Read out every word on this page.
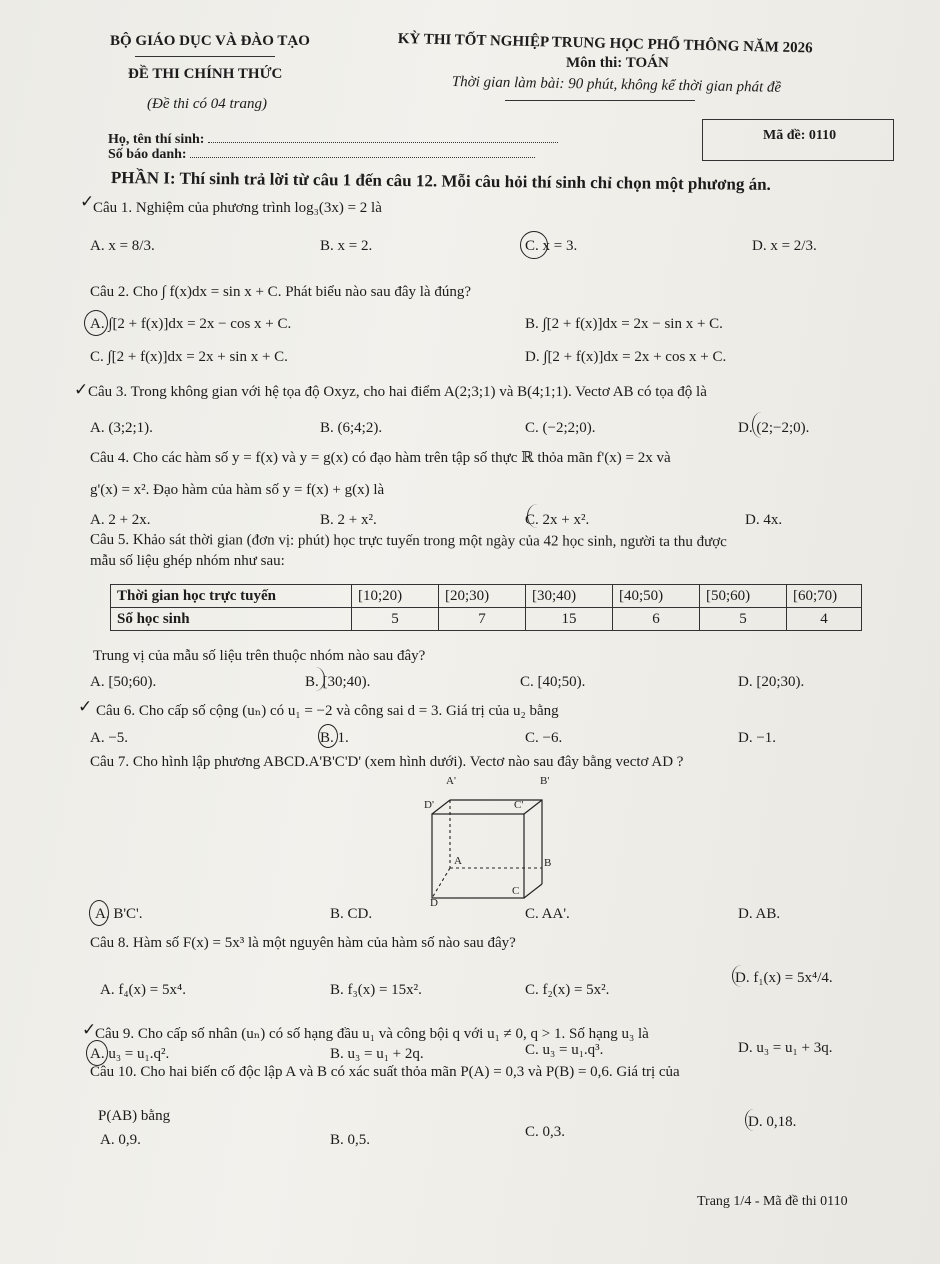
BỘ GIÁO DỤC VÀ ĐÀO TẠO
ĐỀ THI CHÍNH THỨC
(Đề thi có 04 trang)
KỲ THI TỐT NGHIỆP TRUNG HỌC PHỔ THÔNG NĂM 2026
Môn thi: TOÁN
Thời gian làm bài: 90 phút, không kể thời gian phát đề
Họ, tên thí sinh:
Số báo danh:
Mã đề: 0110
PHẦN I: Thí sinh trả lời từ câu 1 đến câu 12. Mỗi câu hỏi thí sinh chỉ chọn một phương án.
✓
Câu 1. Nghiệm của phương trình log₃(3x) = 2 là
A. x = 8/3.	B. x = 2.	C. x = 3.	D. x = 2/3.
Câu 2. Cho ∫ f(x)dx = sin x + C. Phát biểu nào sau đây là đúng?
A. ∫[2 + f(x)]dx = 2x − cos x + C.	B. ∫[2 + f(x)]dx = 2x − sin x + C.
C. ∫[2 + f(x)]dx = 2x + sin x + C.	D. ∫[2 + f(x)]dx = 2x + cos x + C.
✓ Câu 3. Trong không gian với hệ tọa độ Oxyz, cho hai điểm A(2;3;1) và B(4;1;1). Vectơ AB có tọa độ là
A. (3;2;1).	B. (6;4;2).	C. (−2;2;0).	D. (2;−2;0).
Câu 4. Cho các hàm số y = f(x) và y = g(x) có đạo hàm trên tập số thực ℝ thỏa mãn f'(x) = 2x và
g'(x) = x². Đạo hàm của hàm số y = f(x) + g(x) là
A. 2 + 2x.	B. 2 + x².	C. 2x + x².	D. 4x.
Câu 5. Khảo sát thời gian (đơn vị: phút) học trực tuyến trong một ngày của 42 học sinh, người ta thu được
mẫu số liệu ghép nhóm như sau:
Thời gian học trực tuyến	[10;20)	[20;30)	[30;40)	[40;50)	[50;60)	[60;70)
Số học sinh	5	7	15	6	5	4
Trung vị của mẫu số liệu trên thuộc nhóm nào sau đây?
A. [50;60).	B. [30;40).	C. [40;50).	D. [20;30).
✓ Câu 6. Cho cấp số cộng (uₙ) có u₁ = −2 và công sai d = 3. Giá trị của u₂ bằng
A. −5.	B. 1.	C. −6.	D. −1.
Câu 7. Cho hình lập phương ABCD.A'B'C'D' (xem hình dưới). Vectơ nào sau đây bằng vectơ AD ?
A'	B'
D'	C'
A	B
D
C
A. B'C'.	B. CD.	C. AA'.	D. AB.
Câu 8. Hàm số F(x) = 5x³ là một nguyên hàm của hàm số nào sau đây?
A. f₄(x) = 5x⁴.	B. f₃(x) = 15x².	C. f₂(x) = 5x².
D. f₁(x) = 5x⁴/4.
✓
Câu 9. Cho cấp số nhân (uₙ) có số hạng đầu u₁ và công bội q với u₁ ≠ 0, q > 1. Số hạng u₃ là
A. u₃ = u₁.q².	B. u₃ = u₁ + 2q.	C. u₃ = u₁.q³.	D. u₃ = u₁ + 3q.
Câu 10. Cho hai biến cố độc lập A và B có xác suất thỏa mãn P(A) = 0,3 và P(B) = 0,6. Giá trị của
P(AB) bằng
A. 0,9.	B. 0,5.	C. 0,3.
D. 0,18.
Trang 1/4 - Mã đề thi 0110
